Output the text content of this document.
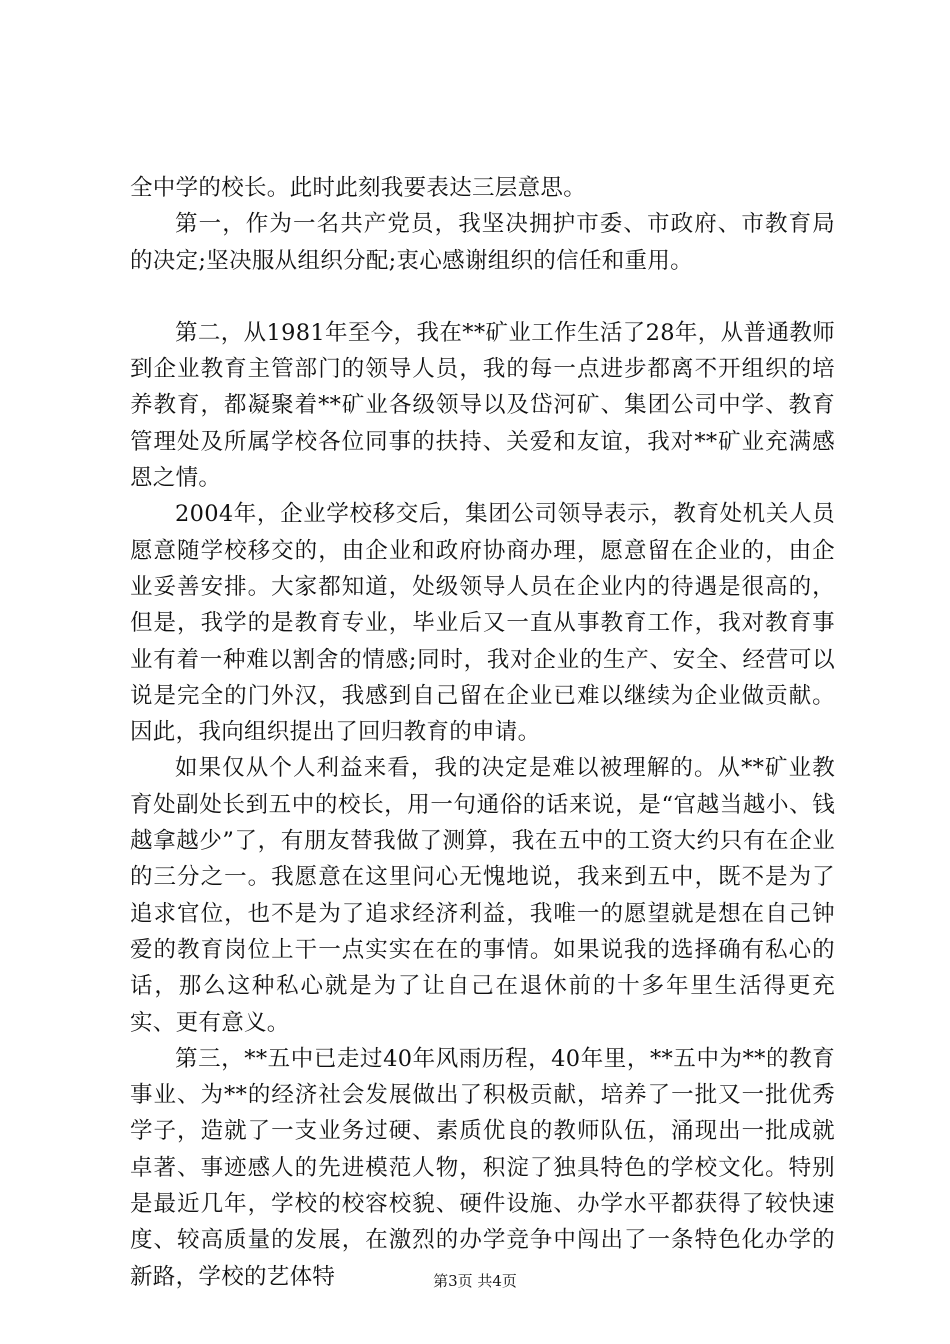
全中学的校长。此时此刻我要表达三层意思。

第一，作为一名共产党员，我坚决拥护市委、市政府、市教育局的决定;坚决服从组织分配;衷心感谢组织的信任和重用。

第二，从1981年至今，我在**矿业工作生活了28年，从普通教师到企业教育主管部门的领导人员，我的每一点进步都离不开组织的培养教育，都凝聚着**矿业各级领导以及岱河矿、集团公司中学、教育管理处及所属学校各位同事的扶持、关爱和友谊，我对**矿业充满感恩之情。

2004年，企业学校移交后，集团公司领导表示，教育处机关人员愿意随学校移交的，由企业和政府协商办理，愿意留在企业的，由企业妥善安排。大家都知道，处级领导人员在企业内的待遇是很高的，但是，我学的是教育专业，毕业后又一直从事教育工作，我对教育事业有着一种难以割舍的情感;同时，我对企业的生产、安全、经营可以说是完全的门外汉，我感到自己留在企业已难以继续为企业做贡献。因此，我向组织提出了回归教育的申请。

如果仅从个人利益来看，我的决定是难以被理解的。从**矿业教育处副处长到五中的校长，用一句通俗的话来说，是“官越当越小、钱越拿越少”了，有朋友替我做了测算，我在五中的工资大约只有在企业的三分之一。我愿意在这里问心无愧地说，我来到五中，既不是为了追求官位，也不是为了追求经济利益，我唯一的愿望就是想在自己钟爱的教育岗位上干一点实实在在的事情。如果说我的选择确有私心的话，那么这种私心就是为了让自己在退休前的十多年里生活得更充实、更有意义。

第三，**五中已走过40年风雨历程，40年里，**五中为**的教育事业、为**的经济社会发展做出了积极贡献，培养了一批又一批优秀学子，造就了一支业务过硬、素质优良的教师队伍，涌现出一批成就卓著、事迹感人的先进模范人物，积淀了独具特色的学校文化。特别是最近几年，学校的校容校貌、硬件设施、办学水平都获得了较快速度、较高质量的发展，在激烈的办学竞争中闯出了一条特色化办学的新路，学校的艺体特	第3页 共4页
